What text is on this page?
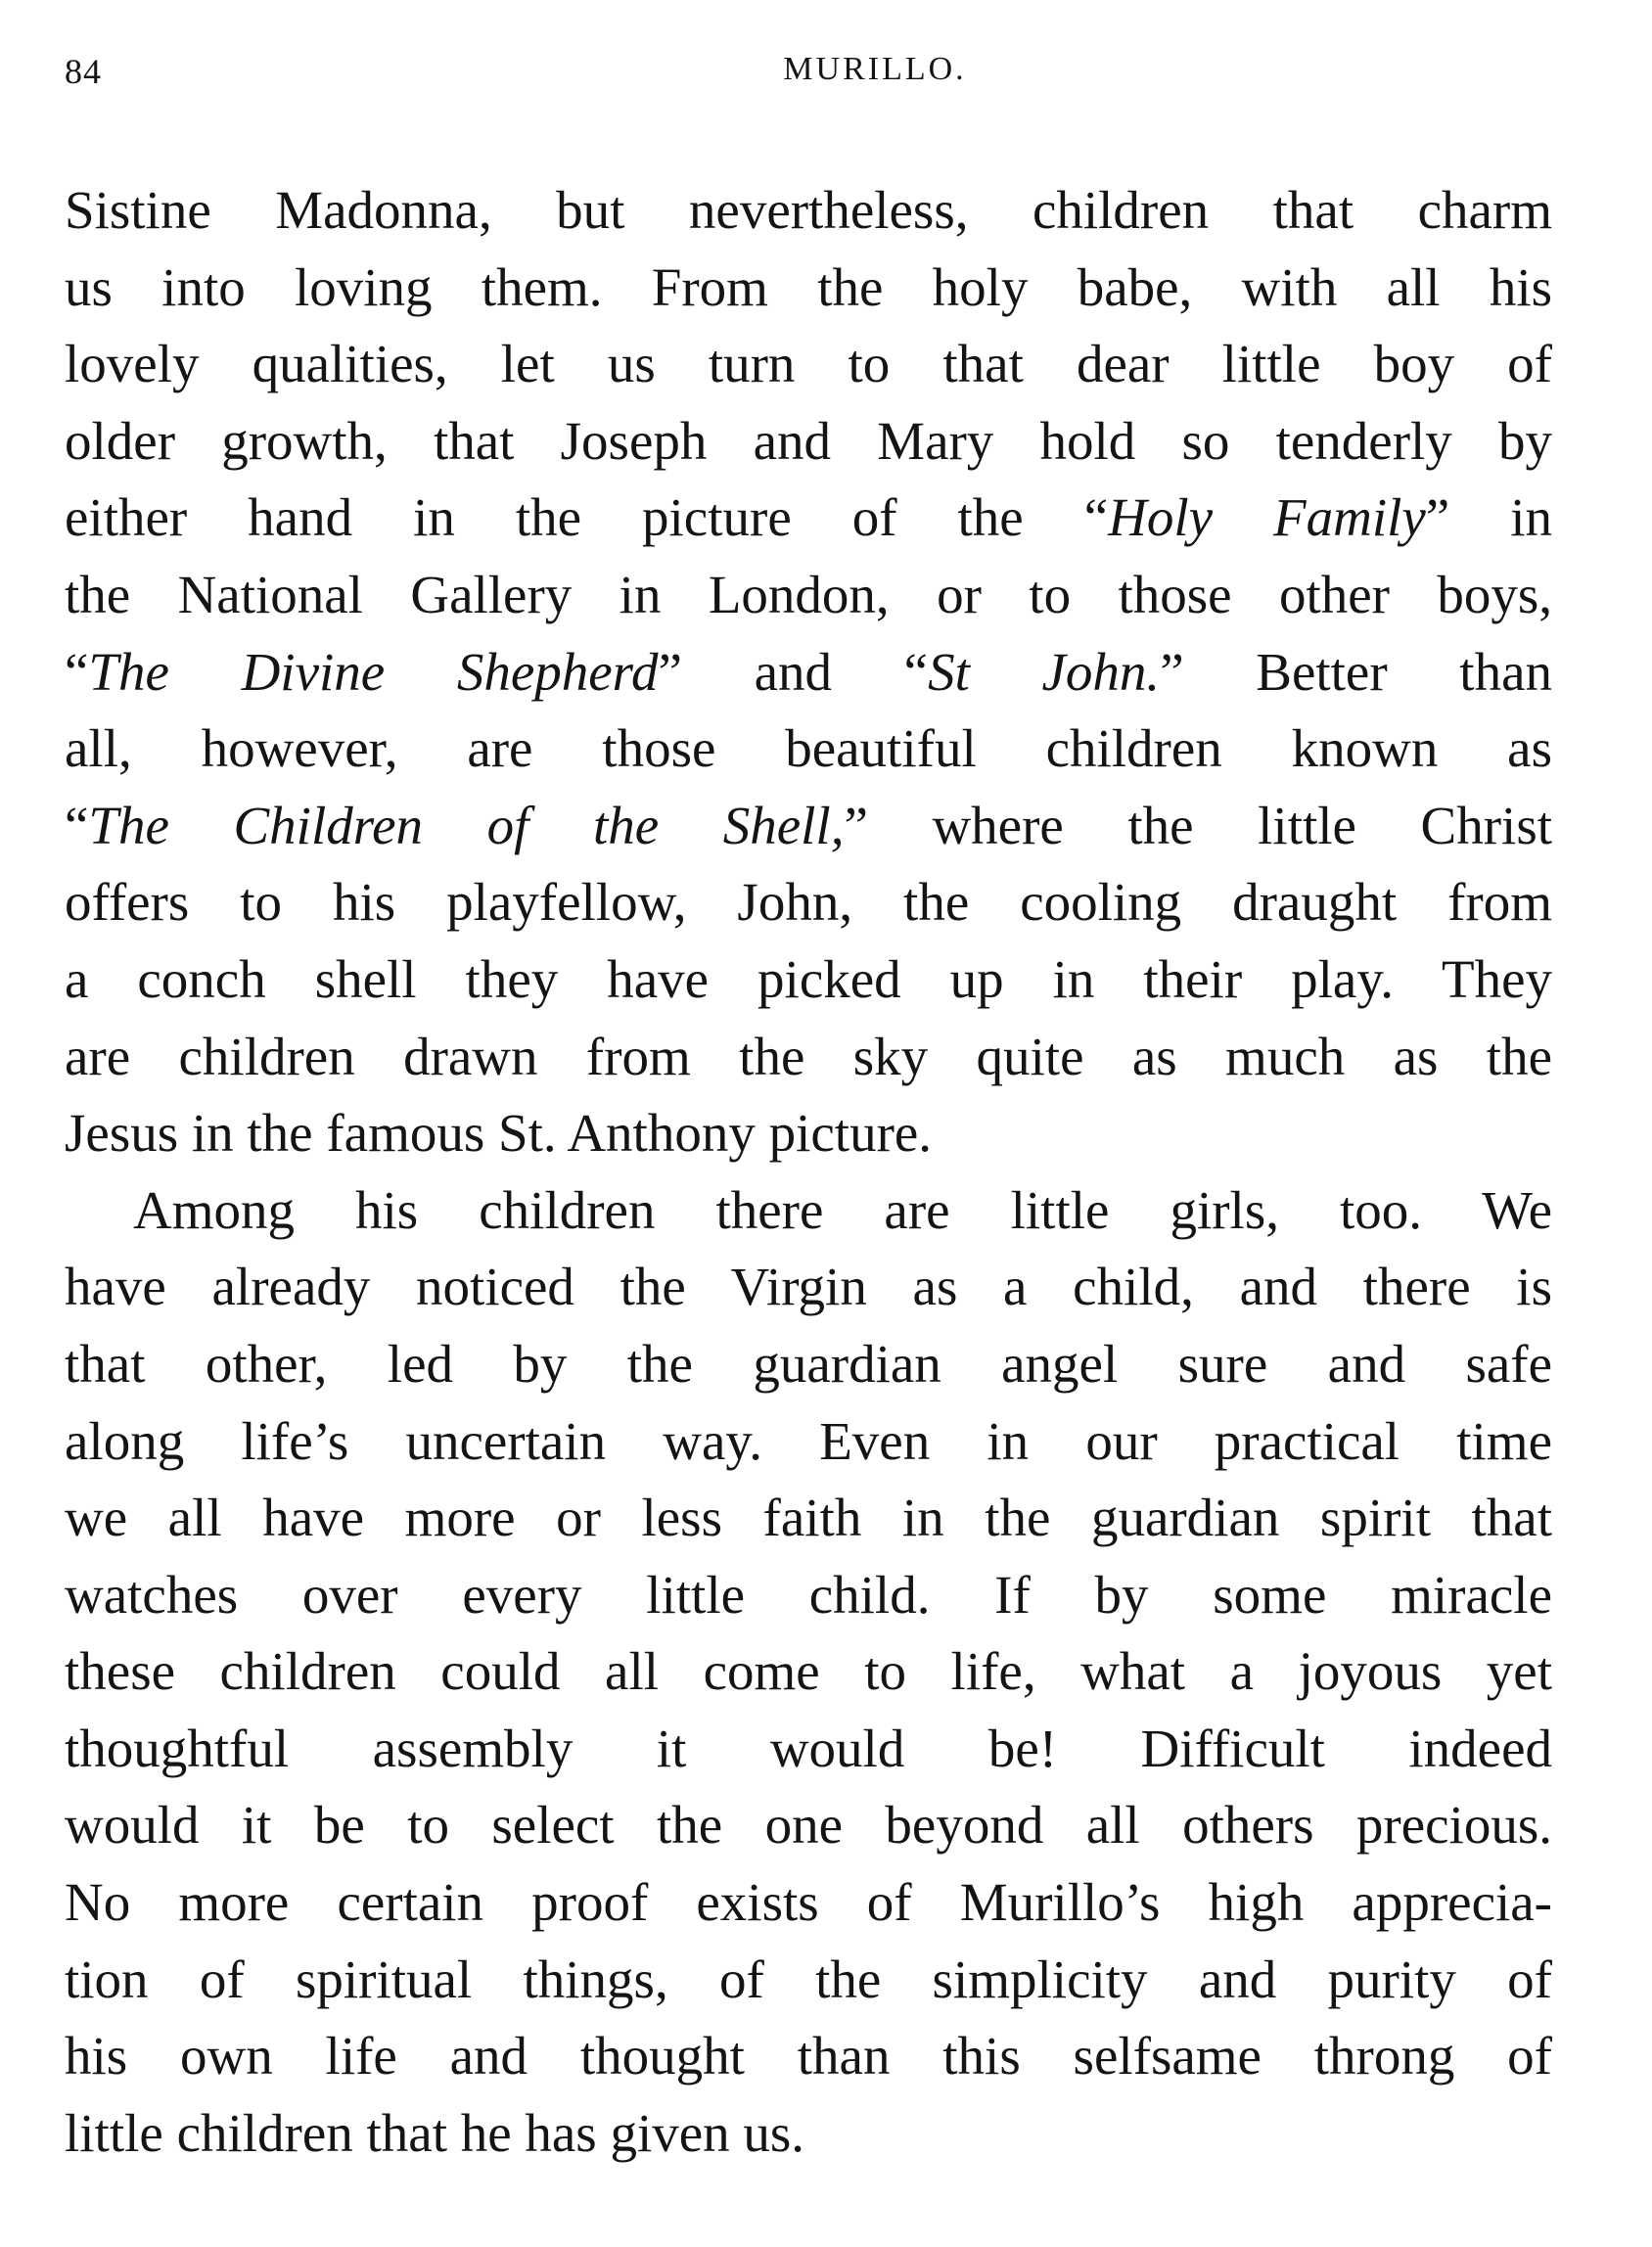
84	MURILLO.
Sistine Madonna, but nevertheless, children that charm
us into loving them. From the holy babe, with all his
lovely qualities, let us turn to that dear little boy of
older growth, that Joseph and Mary hold so tenderly by
either hand in the picture of the “Holy Family” in
the National Gallery in London, or to those other boys,
“The Divine Shepherd” and “St John.” Better than
all, however, are those beautiful children known as
“The Children of the Shell,” where the little Christ
offers to his playfellow, John, the cooling draught from
a conch shell they have picked up in their play. They
are children drawn from the sky quite as much as the
Jesus in the famous St. Anthony picture.
Among his children there are little girls, too. We
have already noticed the Virgin as a child, and there is
that other, led by the guardian angel sure and safe
along life’s uncertain way. Even in our practical time
we all have more or less faith in the guardian spirit that
watches over every little child. If by some miracle
these children could all come to life, what a joyous yet
thoughtful assembly it would be! Difficult indeed
would it be to select the one beyond all others precious.
No more certain proof exists of Murillo’s high apprecia-
tion of spiritual things, of the simplicity and purity of
his own life and thought than this selfsame throng of
little children that he has given us.
